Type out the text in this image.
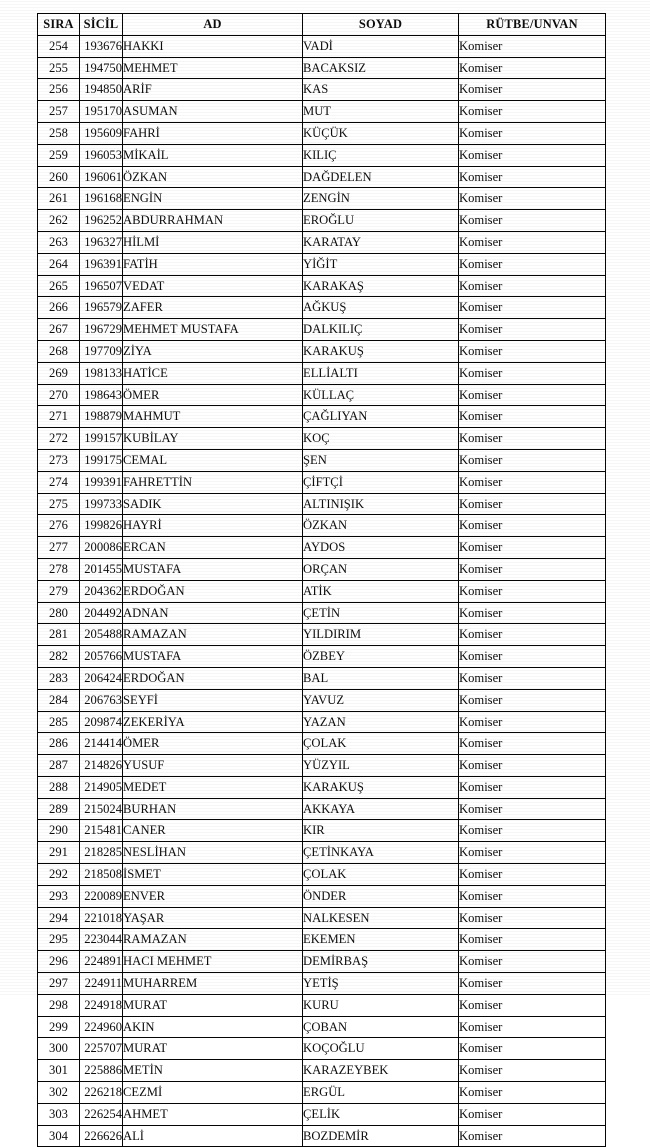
SIRA	SİCİL	AD	SOYAD	RÜTBE/UNVAN
254	193676	HAKKI	VADİ	Komiser
255	194750	MEHMET	BACAKSIZ	Komiser
256	194850	ARİF	KAS	Komiser
257	195170	ASUMAN	MUT	Komiser
258	195609	FAHRİ	KÜÇÜK	Komiser
259	196053	MİKAİL	KILIÇ	Komiser
260	196061	ÖZKAN	DAĞDELEN	Komiser
261	196168	ENGİN	ZENGİN	Komiser
262	196252	ABDURRAHMAN	EROĞLU	Komiser
263	196327	HİLMİ	KARATAY	Komiser
264	196391	FATİH	YİĞİT	Komiser
265	196507	VEDAT	KARAKAŞ	Komiser
266	196579	ZAFER	AĞKUŞ	Komiser
267	196729	MEHMET MUSTAFA	DALKILIÇ	Komiser
268	197709	ZİYA	KARAKUŞ	Komiser
269	198133	HATİCE	ELLİALTI	Komiser
270	198643	ÖMER	KÜLLAÇ	Komiser
271	198879	MAHMUT	ÇAĞLIYAN	Komiser
272	199157	KUBİLAY	KOÇ	Komiser
273	199175	CEMAL	ŞEN	Komiser
274	199391	FAHRETTİN	ÇİFTÇİ	Komiser
275	199733	SADIK	ALTINIŞIK	Komiser
276	199826	HAYRİ	ÖZKAN	Komiser
277	200086	ERCAN	AYDOS	Komiser
278	201455	MUSTAFA	ORÇAN	Komiser
279	204362	ERDOĞAN	ATİK	Komiser
280	204492	ADNAN	ÇETİN	Komiser
281	205488	RAMAZAN	YILDIRIM	Komiser
282	205766	MUSTAFA	ÖZBEY	Komiser
283	206424	ERDOĞAN	BAL	Komiser
284	206763	SEYFİ	YAVUZ	Komiser
285	209874	ZEKERİYA	YAZAN	Komiser
286	214414	ÖMER	ÇOLAK	Komiser
287	214826	YUSUF	YÜZYIL	Komiser
288	214905	MEDET	KARAKUŞ	Komiser
289	215024	BURHAN	AKKAYA	Komiser
290	215481	CANER	KIR	Komiser
291	218285	NESLİHAN	ÇETİNKAYA	Komiser
292	218508	İSMET	ÇOLAK	Komiser
293	220089	ENVER	ÖNDER	Komiser
294	221018	YAŞAR	NALKESEN	Komiser
295	223044	RAMAZAN	EKEMEN	Komiser
296	224891	HACI MEHMET	DEMİRBAŞ	Komiser
297	224911	MUHARREM	YETİŞ	Komiser
298	224918	MURAT	KURU	Komiser
299	224960	AKIN	ÇOBAN	Komiser
300	225707	MURAT	KOÇOĞLU	Komiser
301	225886	METİN	KARAZEYBEK	Komiser
302	226218	CEZMİ	ERGÜL	Komiser
303	226254	AHMET	ÇELİK	Komiser
304	226626	ALİ	BOZDEMİR	Komiser
